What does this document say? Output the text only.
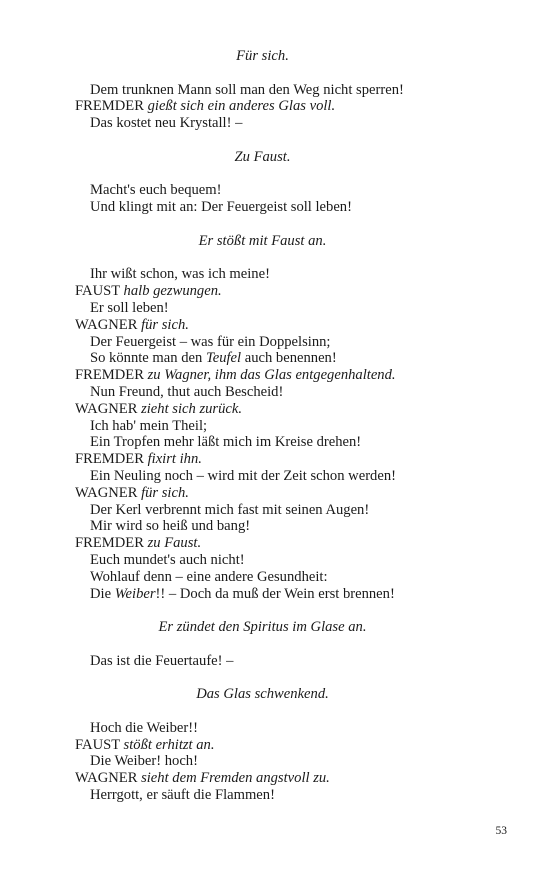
Für sich.
Dem trunknen Mann soll man den Weg nicht sperren!
FREMDER gießt sich ein anderes Glas voll.
Das kostet neu Krystall! –
Zu Faust.
Macht's euch bequem!
Und klingt mit an: Der Feuergeist soll leben!
Er stößt mit Faust an.
Ihr wißt schon, was ich meine!
FAUST halb gezwungen.
Er soll leben!
WAGNER für sich.
Der Feuergeist – was für ein Doppelsinn;
So könnte man den Teufel auch benennen!
FREMDER zu Wagner, ihm das Glas entgegenhaltend.
Nun Freund, thut auch Bescheid!
WAGNER zieht sich zurück.
Ich hab' mein Theil;
Ein Tropfen mehr läßt mich im Kreise drehen!
FREMDER fixirt ihn.
Ein Neuling noch – wird mit der Zeit schon werden!
WAGNER für sich.
Der Kerl verbrennt mich fast mit seinen Augen!
Mir wird so heiß und bang!
FREMDER zu Faust.
Euch mundet's auch nicht!
Wohlauf denn – eine andere Gesundheit:
Die Weiber!! – Doch da muß der Wein erst brennen!
Er zündet den Spiritus im Glase an.
Das ist die Feuertaufe! –
Das Glas schwenkend.
Hoch die Weiber!!
FAUST stößt erhitzt an.
Die Weiber! hoch!
WAGNER sieht dem Fremden angstvoll zu.
Herrgott, er säuft die Flammen!
53
